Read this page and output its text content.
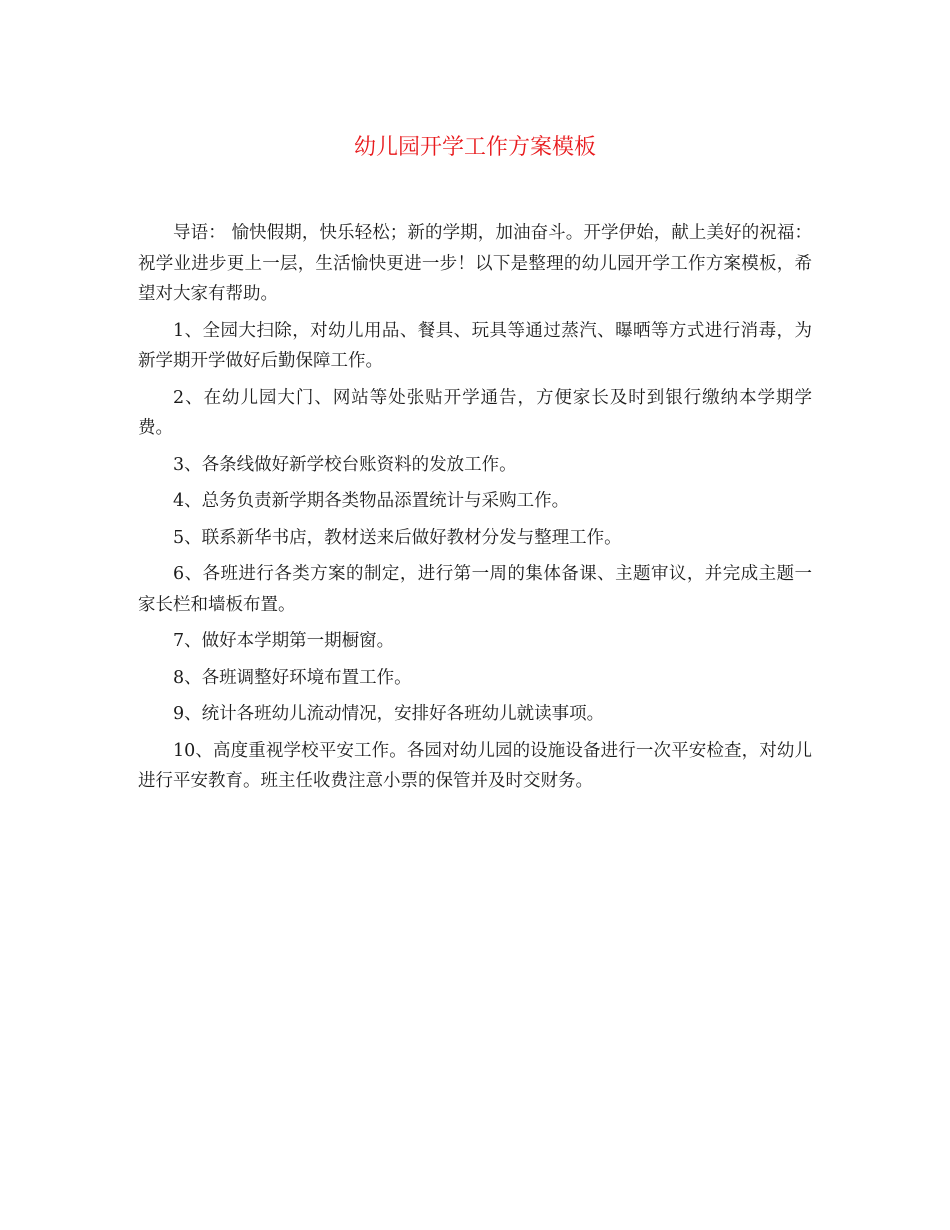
幼儿园开学工作方案模板

导语： 愉快假期，快乐轻松；新的学期，加油奋斗。开学伊始，献上美好的祝福：祝学业进步更上一层，生活愉快更进一步！以下是整理的幼儿园开学工作方案模板，希望对大家有帮助。

1、全园大扫除，对幼儿用品、餐具、玩具等通过蒸汽、曝晒等方式进行消毒，为新学期开学做好后勤保障工作。

2、在幼儿园大门、网站等处张贴开学通告，方便家长及时到银行缴纳本学期学费。

3、各条线做好新学校台账资料的发放工作。

4、总务负责新学期各类物品添置统计与采购工作。

5、联系新华书店，教材送来后做好教材分发与整理工作。

6、各班进行各类方案的制定，进行第一周的集体备课、主题审议，并完成主题一家长栏和墙板布置。

7、做好本学期第一期橱窗。

8、各班调整好环境布置工作。

9、统计各班幼儿流动情况，安排好各班幼儿就读事项。

10、高度重视学校平安工作。各园对幼儿园的设施设备进行一次平安检查，对幼儿进行平安教育。班主任收费注意小票的保管并及时交财务。
